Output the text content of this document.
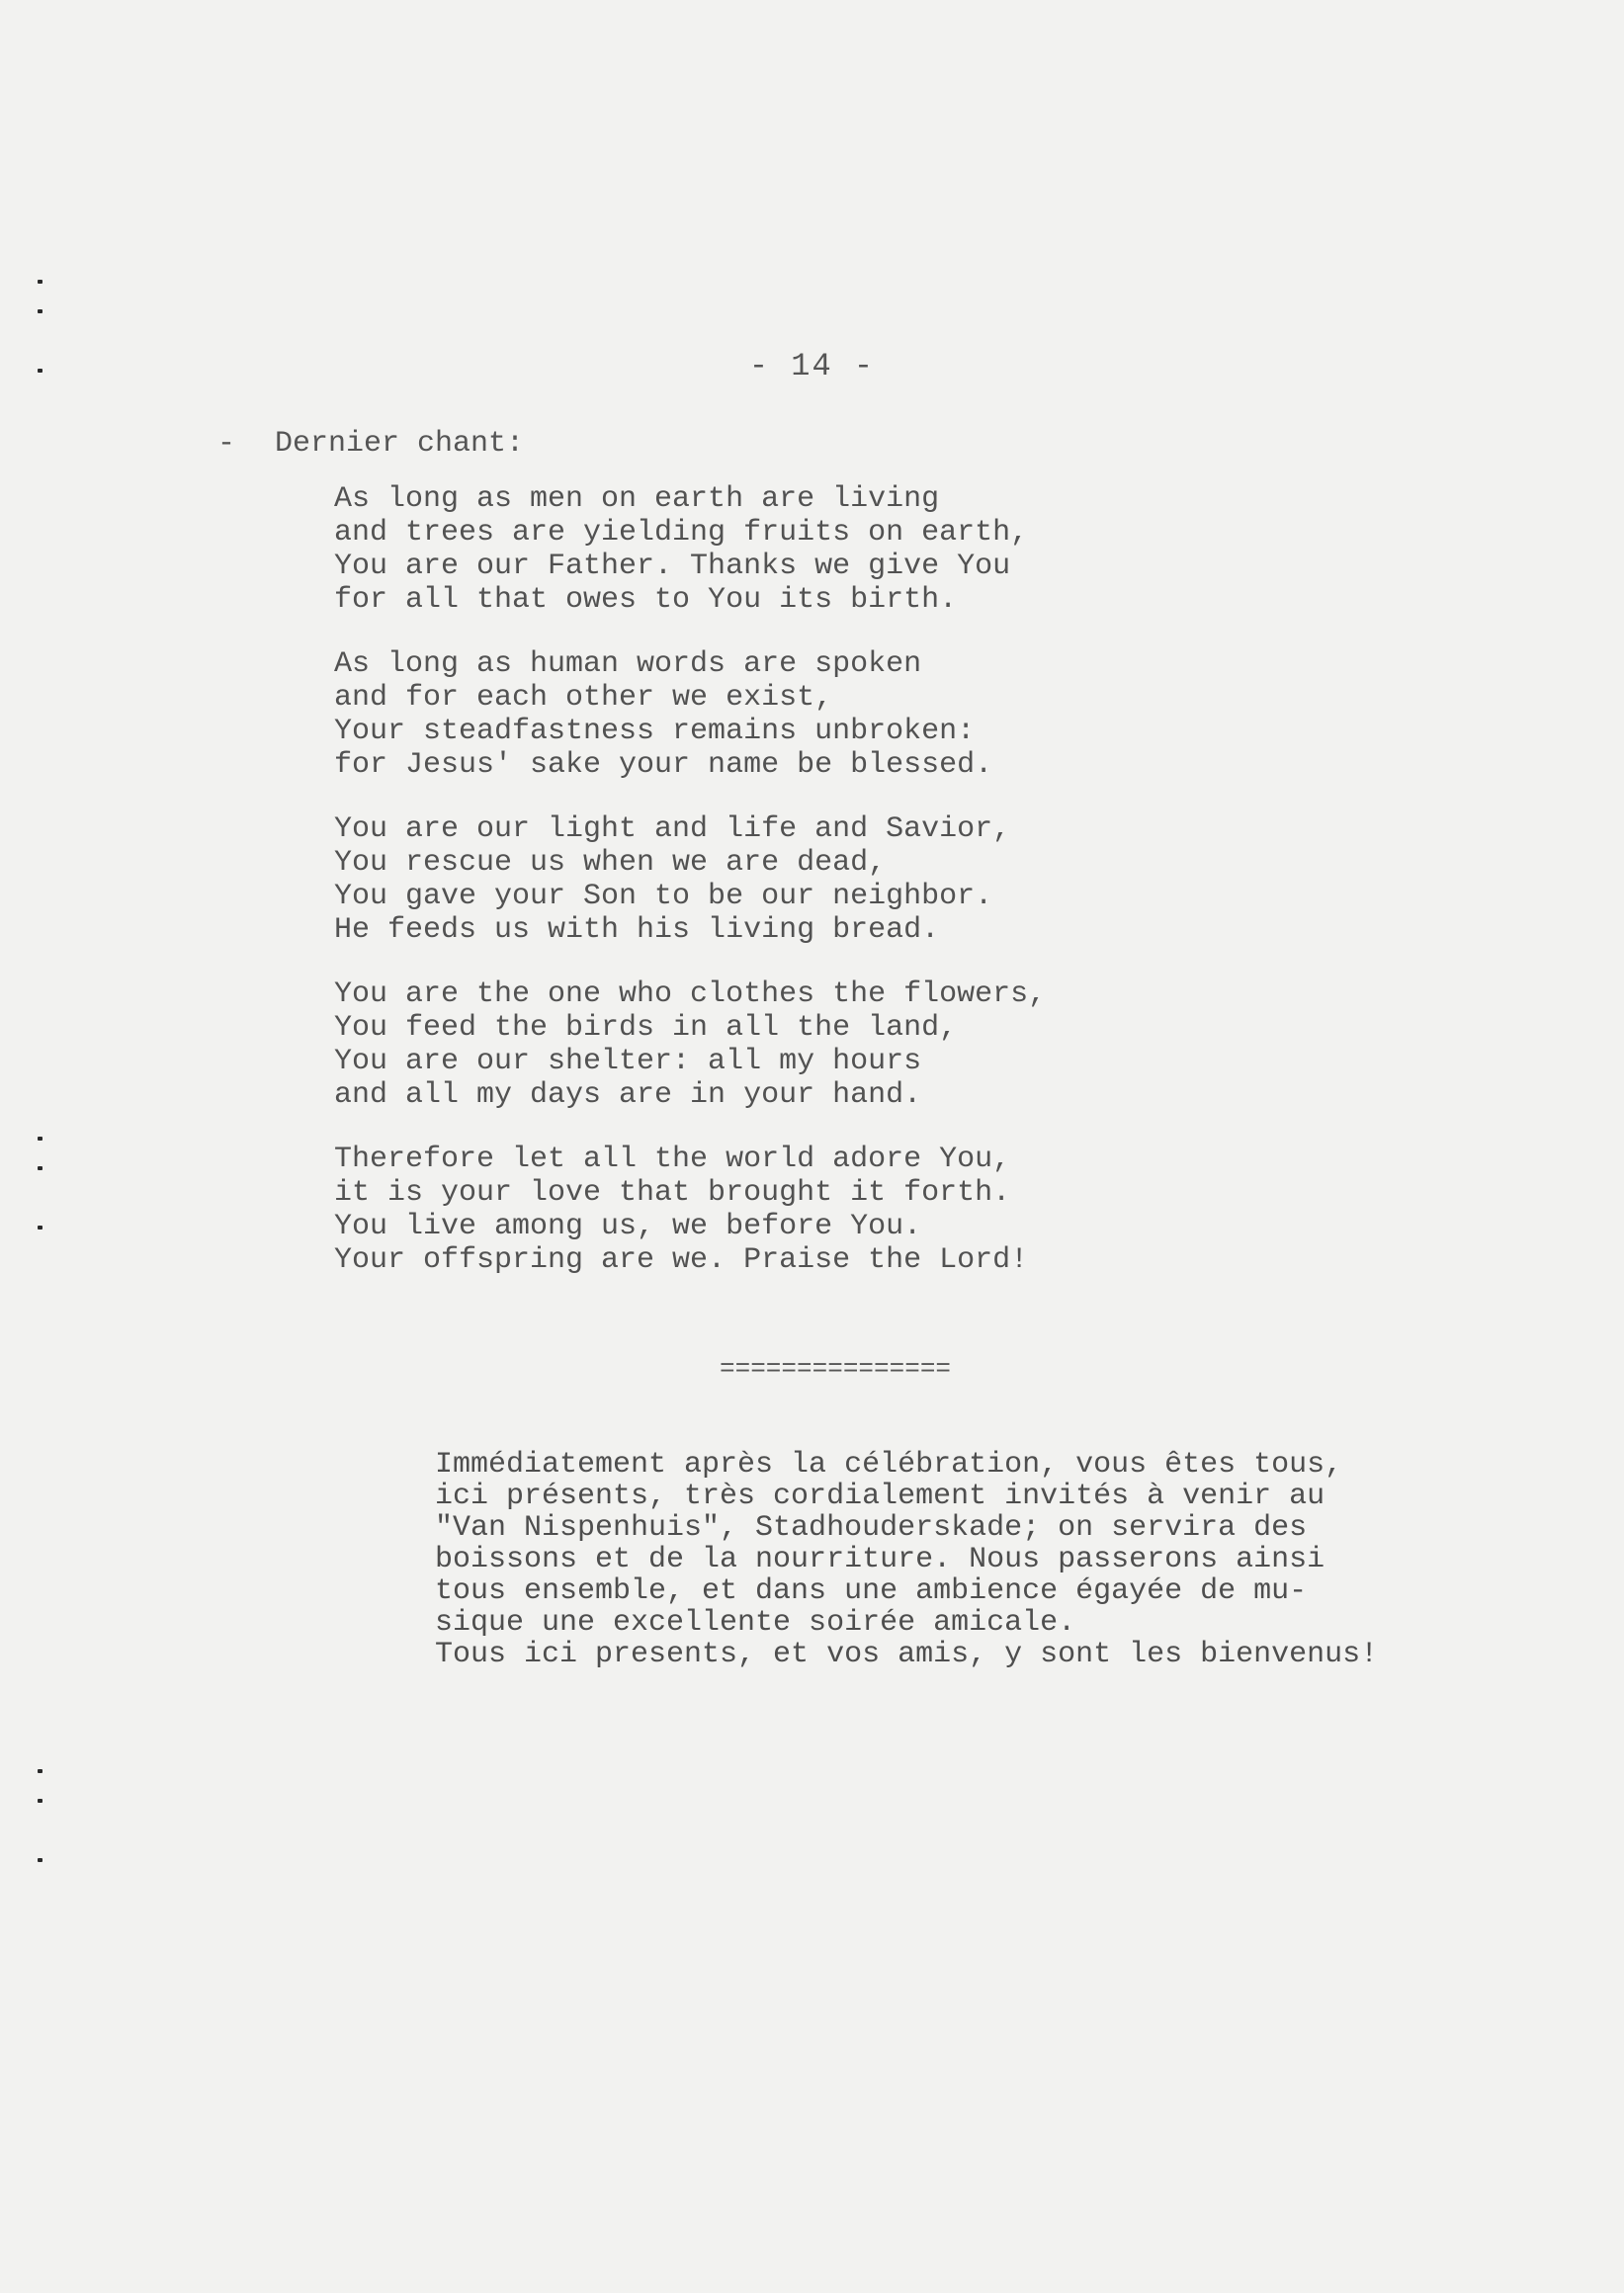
- 14 -
- Dernier chant:
As long as men on earth are living
and trees are yielding fruits on earth,
You are our Father. Thanks we give You
for all that owes to You its birth.
As long as human words are spoken
and for each other we exist,
Your steadfastness remains unbroken:
for Jesus' sake your name be blessed.
You are our light and life and Savior,
You rescue us when we are dead,
You gave your Son to be our neighbor.
He feeds us with his living bread.
You are the one who clothes the flowers,
You feed the birds in all the land,
You are our shelter: all my hours
and all my days are in your hand.
Therefore let all the world adore You,
it is your love that brought it forth.
You live among us, we before You.
Your offspring are we. Praise the Lord!
===============
Immédiatement après la célébration, vous êtes tous,
ici présents, très cordialement invités à venir au
"Van Nispenhuis", Stadhouderskade; on servira des
boissons et de la nourriture. Nous passerons ainsi
tous ensemble, et dans une ambience égayée de mu-
sique une excellente soirée amicale.
Tous ici presents, et vos amis, y sont les bienvenus!
